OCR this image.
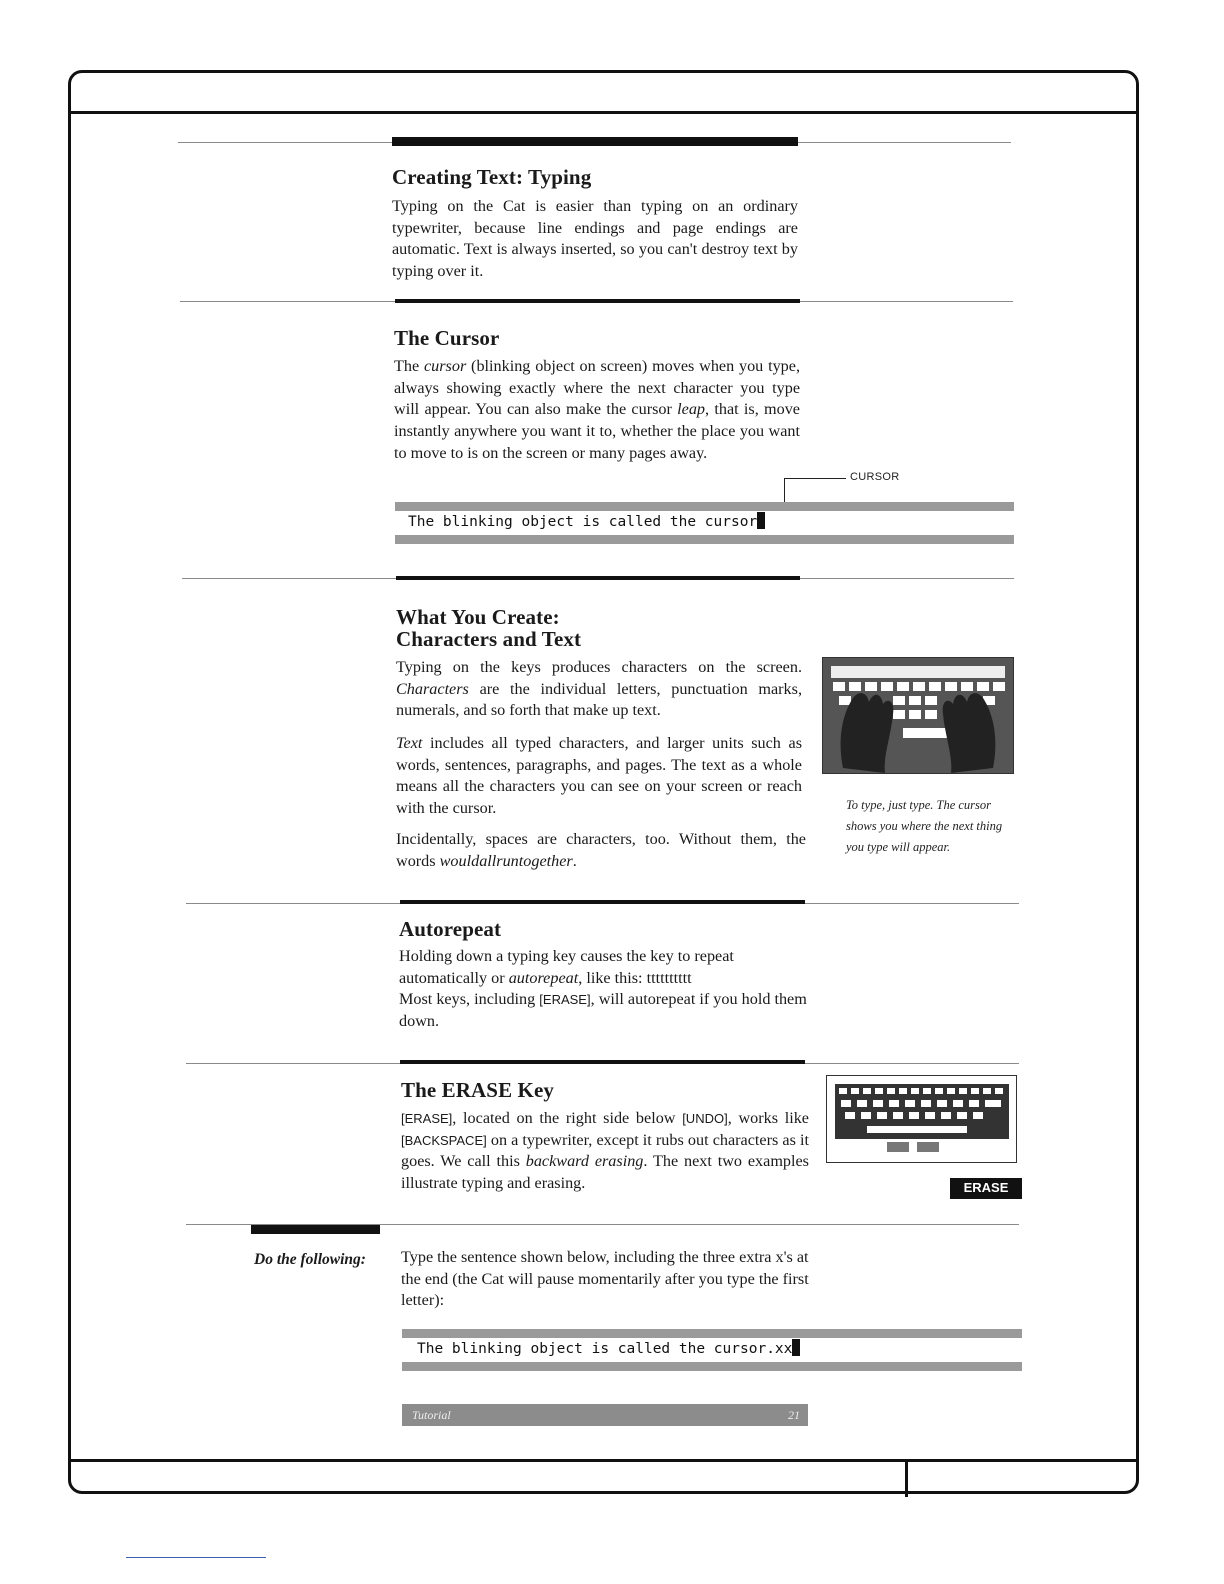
Creating Text: Typing

Typing on the Cat is easier than typing on an ordinary typewriter, because line endings and page endings are automatic. Text is always inserted, so you can't destroy text by typing over it.

The Cursor

The cursor (blinking object on screen) moves when you type, always showing exactly where the next character you type will appear. You can also make the cursor leap, that is, move instantly anywhere you want it to, whether the place you want to move to is on the screen or many pages away.

CURSOR
The blinking object is called the cursor
What You Create:
Characters and Text

Typing on the keys produces characters on the screen. Characters are the individual letters, punctuation marks, numerals, and so forth that make up text.

Text includes all typed characters, and larger units such as words, sentences, paragraphs, and pages. The text as a whole means all the characters you can see on your screen or reach with the cursor.

Incidentally, spaces are characters, too. Without them, the words wouldallruntogether.

To type, just type. The cursor shows you where the next thing you type will appear.

Autorepeat

Holding down a typing key causes the key to repeat automatically or autorepeat, like this: tttttttttt
Most keys, including [ERASE], will autorepeat if you hold them down.

The ERASE Key

[ERASE], located on the right side below [UNDO], works like [BACKSPACE] on a typewriter, except it rubs out characters as it goes. We call this backward erasing. The next two examples illustrate typing and erasing.	ERASE

Do the following: Type the sentence shown below, including the three extra x's at the end (the Cat will pause momentarily after you type the first letter):

The blinking object is called the cursor.xx
Tutorial	21
